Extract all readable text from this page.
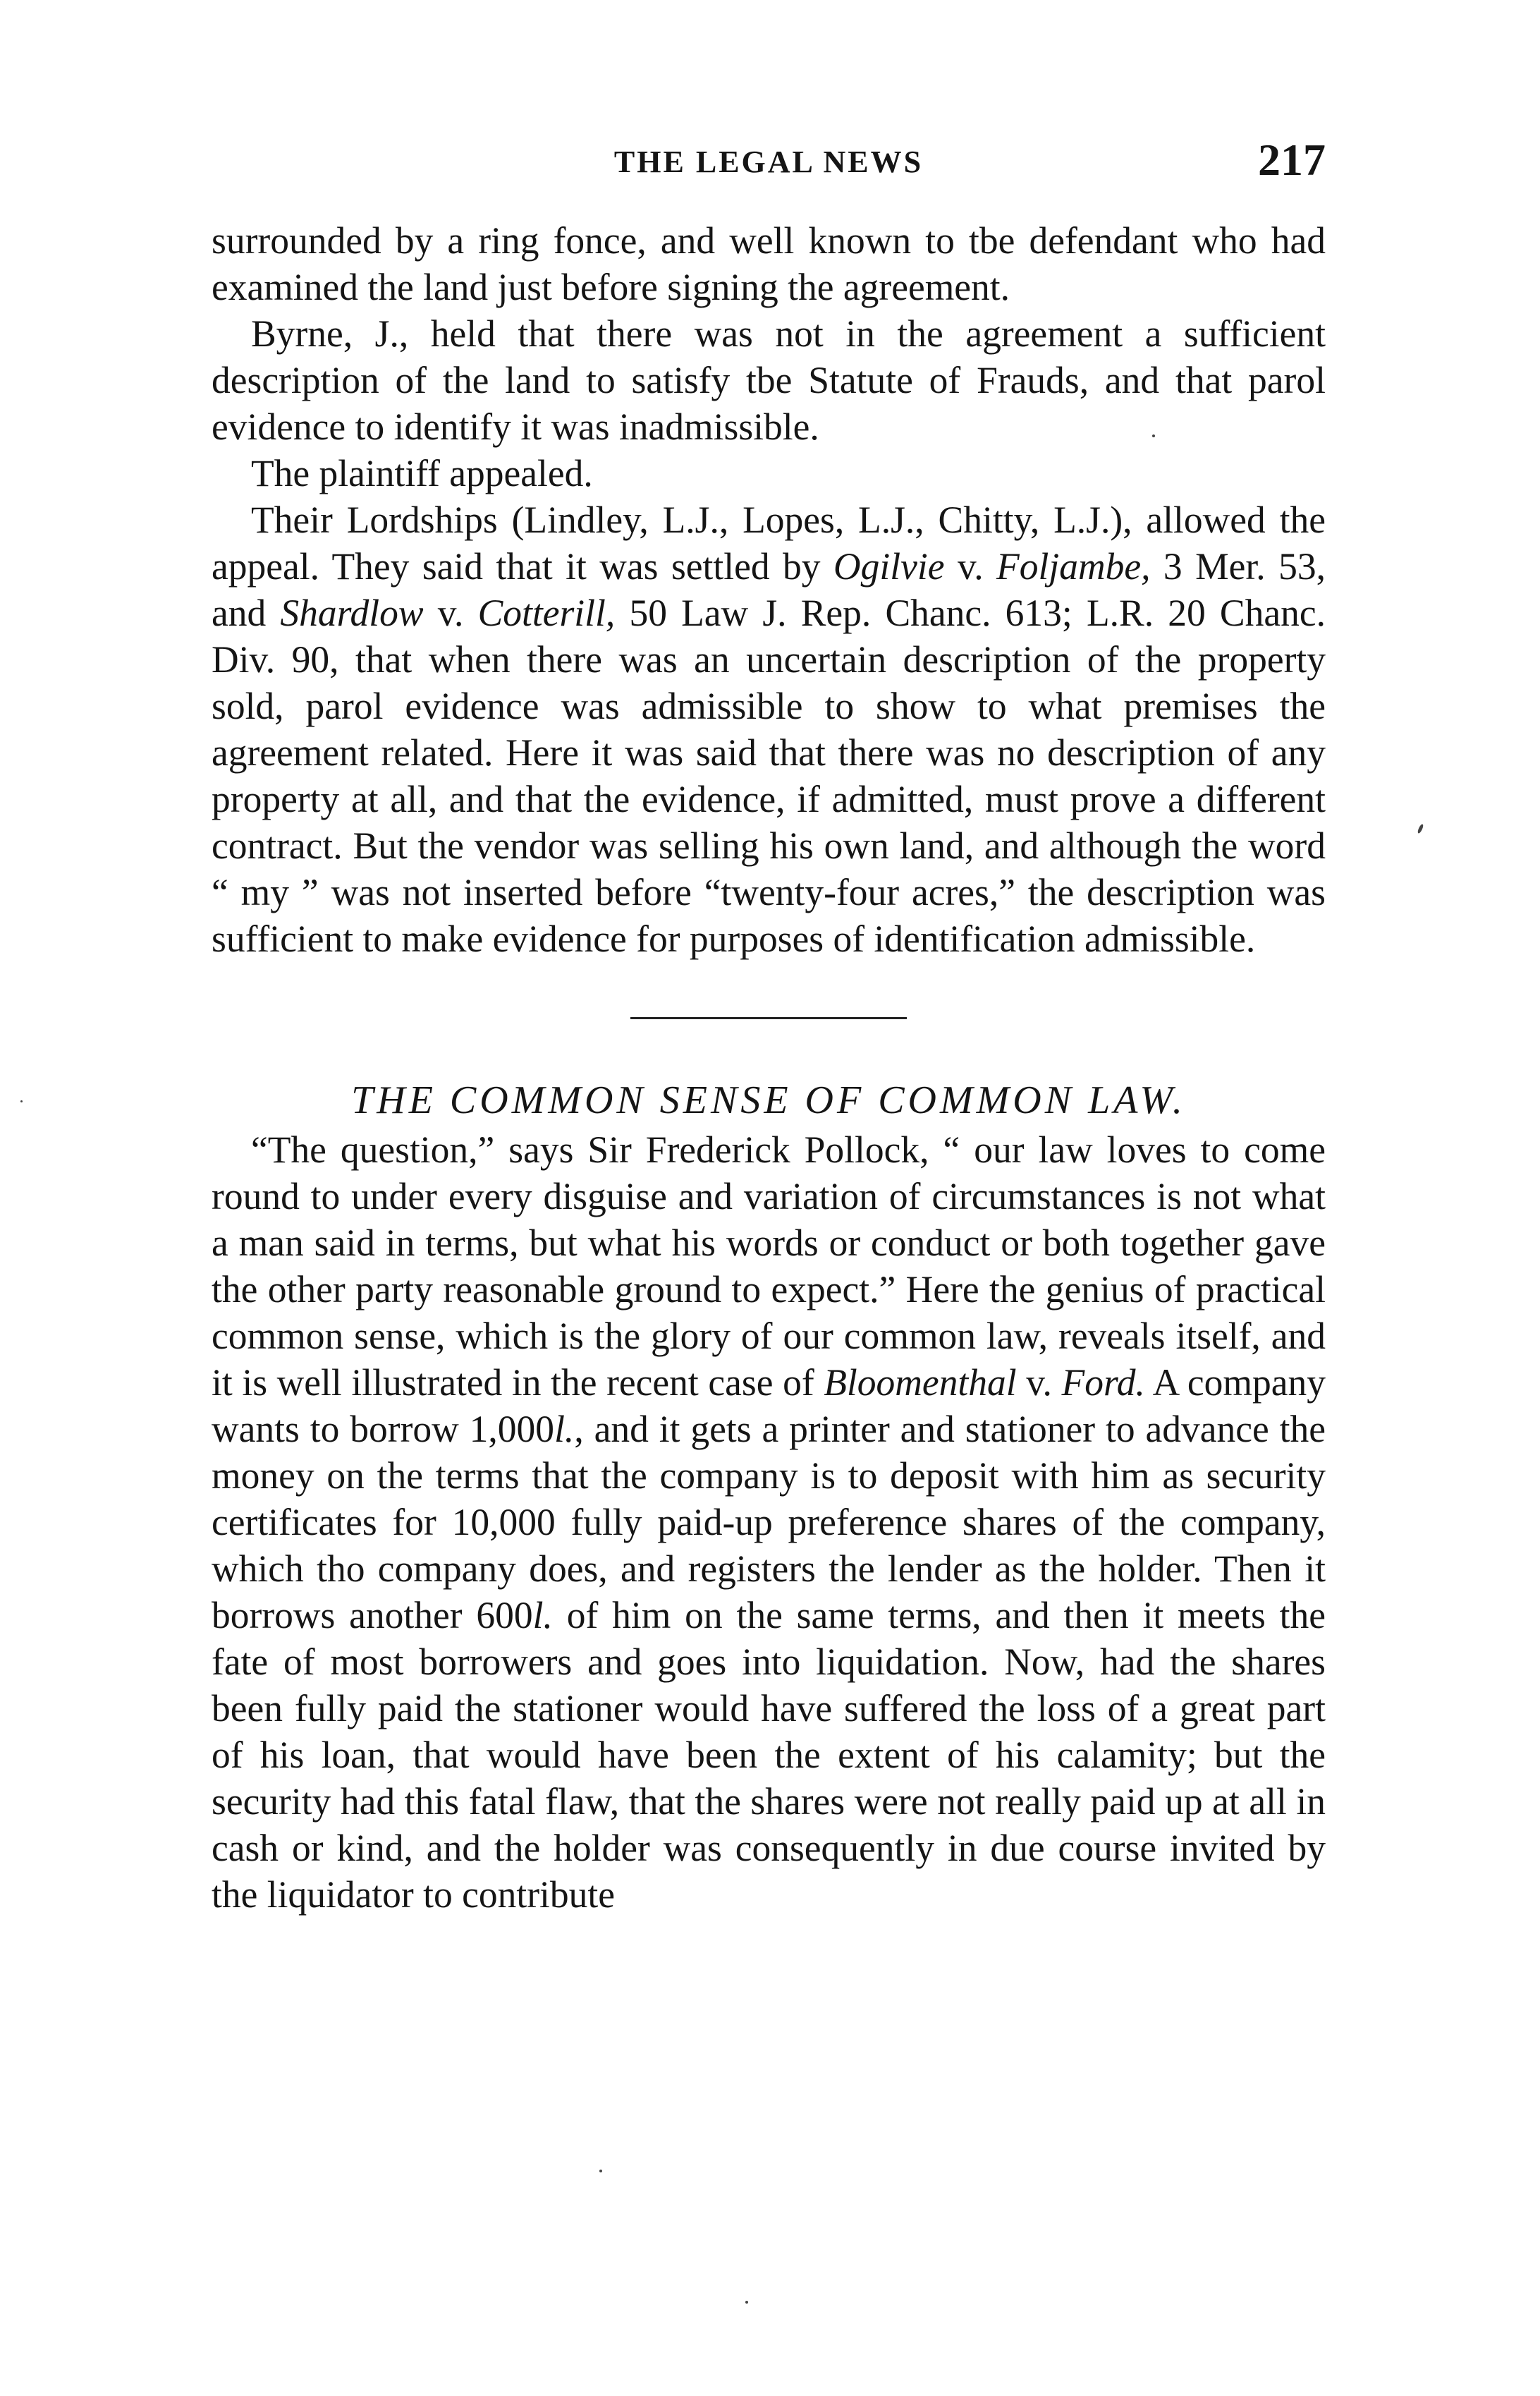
THE LEGAL NEWS	217

surrounded by a ring fonce, and well known to tbe defendant who had examined the land just before signing the agreement.

Byrne, J., held that there was not in the agreement a sufficient description of the land to satisfy tbe Statute of Frauds, and that parol evidence to identify it was inadmissible.

The plaintiff appealed.

Their Lordships (Lindley, L.J., Lopes, L.J., Chitty, L.J.), allowed the appeal. They said that it was settled by Ogilvie v. Foljambe, 3 Mer. 53, and Shardlow v. Cotterill, 50 Law J. Rep. Chanc. 613; L.R. 20 Chanc. Div. 90, that when there was an uncertain description of the property sold, parol evidence was admissible to show to what premises the agreement related. Here it was said that there was no description of any property at all, and that the evidence, if admitted, must prove a different contract. But the vendor was selling his own land, and although the word “ my ” was not inserted before “twenty-four acres,” the description was sufficient to make evidence for purposes of identification admissible.

THE COMMON SENSE OF COMMON LAW.

“The question,” says Sir Frederick Pollock, “ our law loves to come round to under every disguise and variation of circumstances is not what a man said in terms, but what his words or conduct or both together gave the other party reasonable ground to expect.” Here the genius of practical common sense, which is the glory of our common law, reveals itself, and it is well illustrated in the recent case of Bloomenthal v. Ford. A company wants to borrow 1,000l., and it gets a printer and stationer to advance the money on the terms that the company is to deposit with him as security certificates for 10,000 fully paid-up preference shares of the company, which tho company does, and registers the lender as the holder. Then it borrows another 600l. of him on the same terms, and then it meets the fate of most borrowers and goes into liquidation. Now, had the shares been fully paid the stationer would have suffered the loss of a great part of his loan, that would have been the extent of his calamity; but the security had this fatal flaw, that the shares were not really paid up at all in cash or kind, and the holder was consequently in due course invited by the liquidator to contribute
